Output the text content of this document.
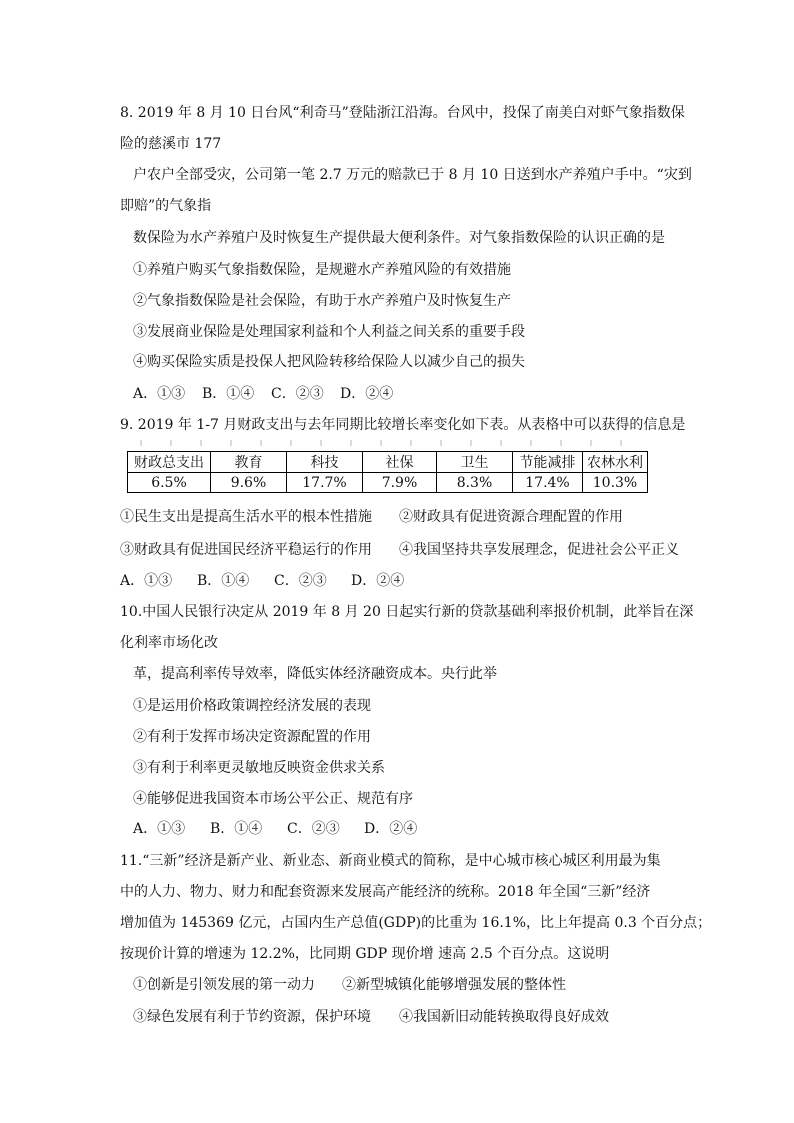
8. 2019 年 8 月 10 日台风“利奇马”登陆浙江沿海。台风中，投保了南美白对虾气象指数保
险的慈溪市 177
户农户全部受灾，公司第一笔 2.7 万元的赔款已于 8 月 10 日送到水产养殖户手中。“灾到
即赔”的气象指
数保险为水产养殖户及时恢复生产提供最大便利条件。对气象指数保险的认识正确的是
①养殖户购买气象指数保险，是规避水产养殖风险的有效措施
②气象指数保险是社会保险，有助于水产养殖户及时恢复生产
③发展商业保险是处理国家利益和个人利益之间关系的重要手段
④购买保险实质是投保人把风险转移给保险人以减少自己的损失
A．①③ B．①④ C．②③ D．②④
9. 2019 年 1-7 月财政支出与去年同期比较增长率变化如下表。从表格中可以获得的信息是
财政总支出	教育	科技	社保	卫生	节能减排	农林水利
6.5%	9.6%	17.7%	7.9%	8.3%	17.4%	10.3%
①民生支出是提高生活水平的根本性措施 ②财政具有促进资源合理配置的作用
③财政具有促进国民经济平稳运行的作用 ④我国坚持共享发展理念，促进社会公平正义
A．①③ B．①④ C．②③ D．②④
10.中国人民银行决定从 2019 年 8 月 20 日起实行新的贷款基础利率报价机制，此举旨在深
化利率市场化改
革，提高利率传导效率，降低实体经济融资成本。央行此举
①是运用价格政策调控经济发展的表现
②有利于发挥市场决定资源配置的作用
③有利于利率更灵敏地反映资金供求关系
④能够促进我国资本市场公平公正、规范有序
A．①③ B．①④ C．②③ D．②④
11.“三新”经济是新产业、新业态、新商业模式的简称，是中心城市核心城区利用最为集
中的人力、物力、财力和配套资源来发展高产能经济的统称。2018 年全国“三新”经济
增加值为 145369 亿元，占国内生产总值(GDP)的比重为 16.1%，比上年提高 0.3 个百分点；
按现价计算的增速为 12.2%，比同期 GDP 现价增 速高 2.5 个百分点。这说明
①创新是引领发展的第一动力 ②新型城镇化能够增强发展的整体性
③绿色发展有利于节约资源，保护环境 ④我国新旧动能转换取得良好成效
